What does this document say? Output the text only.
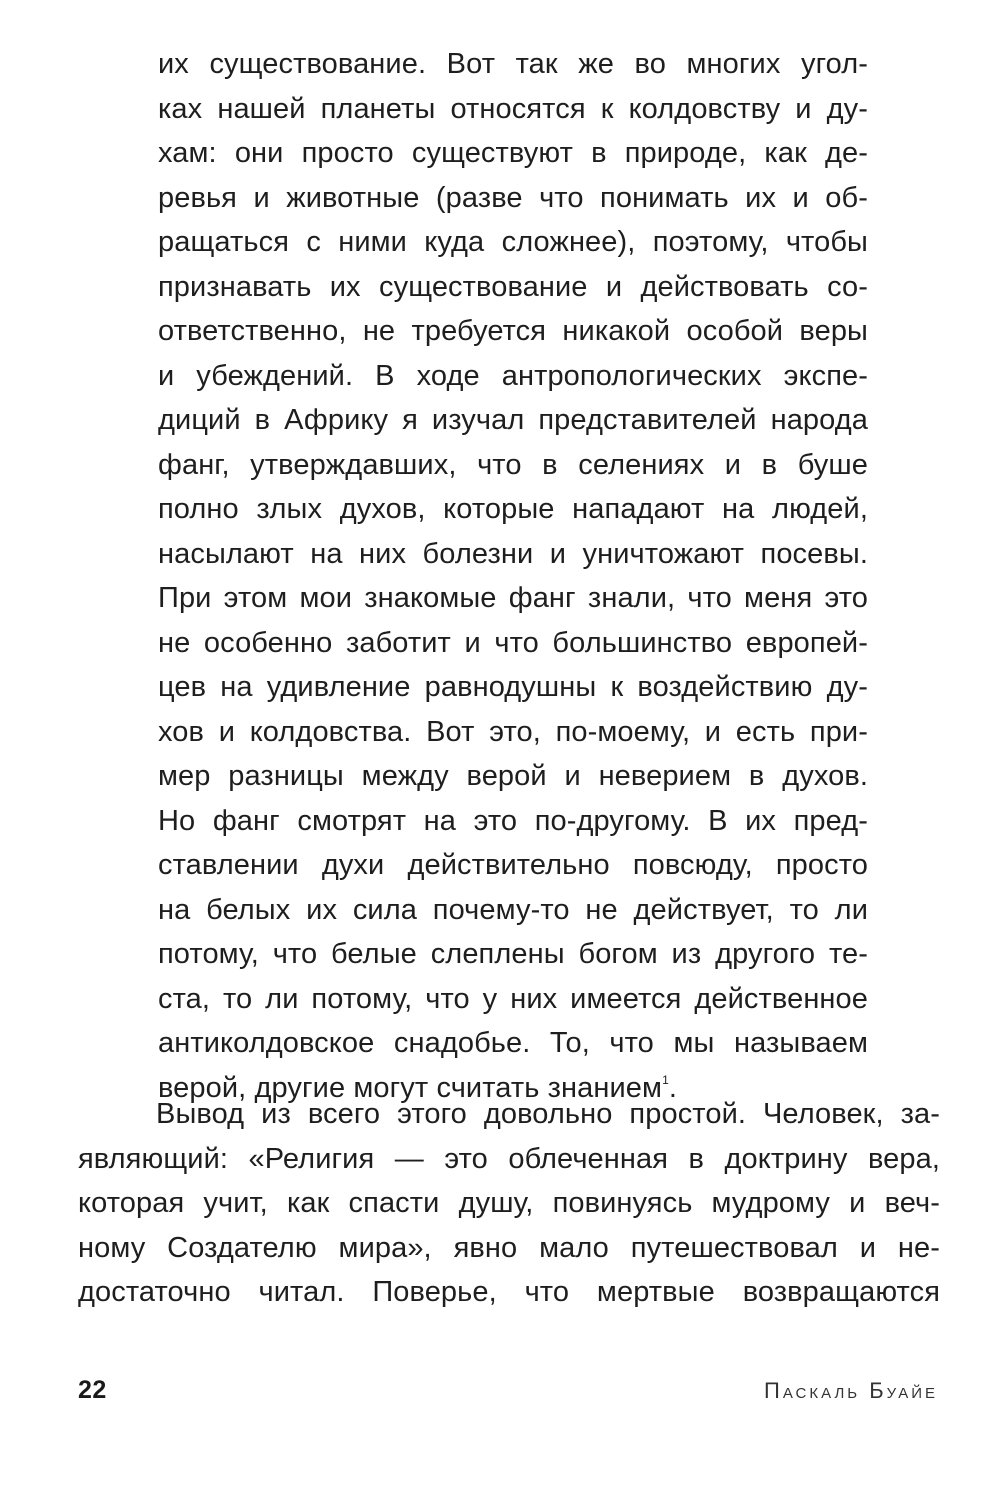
их существование. Вот так же во многих угол-
ках нашей планеты относятся к колдовству и ду-
хам: они просто существуют в природе, как де-
ревья и животные (разве что понимать их и об-
ращаться с ними куда сложнее), поэтому, чтобы
признавать их существование и действовать со-
ответственно, не требуется никакой особой веры
и убеждений. В ходе антропологических экспе-
диций в Африку я изучал представителей народа
фанг, утверждавших, что в селениях и в буше
полно злых духов, которые нападают на людей,
насылают на них болезни и уничтожают посевы.
При этом мои знакомые фанг знали, что меня это
не особенно заботит и что большинство европей-
цев на удивление равнодушны к воздействию ду-
хов и колдовства. Вот это, по-моему, и есть при-
мер разницы между верой и неверием в духов.
Но фанг смотрят на это по-другому. В их пред-
ставлении духи действительно повсюду, просто
на белых их сила почему-то не действует, то ли
потому, что белые слеплены богом из другого те-
ста, то ли потому, что у них имеется действенное
антиколдовское снадобье. То, что мы называем
верой, другие могут считать знанием$^1$.
Вывод из всего этого довольно простой. Человек, за-
являющий: «Религия — это облеченная в доктрину вера,
которая учит, как спасти душу, повинуясь мудрому и веч-
ному Создателю мира», явно мало путешествовал и не-
достаточно читал. Поверье, что мертвые возвращаются
22	Паскаль Буайе
